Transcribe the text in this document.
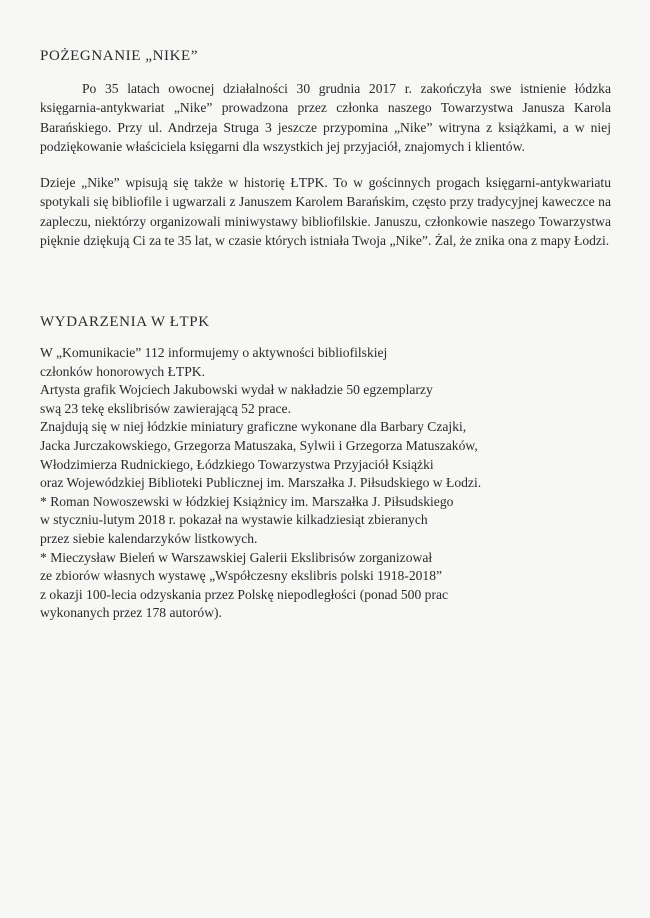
POŻEGNANIE „NIKE”

Po 35 latach owocnej działalności 30 grudnia 2017 r. zakończyła swe istnienie łódzka księgarnia-antykwariat „Nike” prowadzona przez członka naszego Towarzystwa Janusza Karola Barańskiego. Przy ul. Andrzeja Struga 3 jeszcze przypomina „Nike” witryna z książkami, a w niej podziękowanie właściciela księgarni dla wszystkich jej przyjaciół, znajomych i klientów.

Dzieje „Nike” wpisują się także w historię ŁTPK. To w gościnnych progach księgarni-antykwariatu spotykali się bibliofile i ugwarzali z Januszem Karolem Barańskim, często przy tradycyjnej kaweczce na zapleczu, niektórzy organizowali miniwystawy bibliofilskie. Januszu, członkowie naszego Towarzystwa pięknie dziękują Ci za te 35 lat, w czasie których istniała Twoja „Nike”. Żal, że znika ona z mapy Łodzi.

WYDARZENIA W ŁTPK
W „Komunikacie” 112 informujemy o aktywności bibliofilskiej
członków honorowych ŁTPK.
Artysta grafik Wojciech Jakubowski wydał w nakładzie 50 egzemplarzy
swą 23 tekę ekslibrisów zawierającą 52 prace.
Znajdują się w niej łódzkie miniatury graficzne wykonane dla Barbary Czajki,
Jacka Jurczakowskiego, Grzegorza Matuszaka, Sylwii i Grzegorza Matuszaków,
Włodzimierza Rudnickiego, Łódzkiego Towarzystwa Przyjaciół Książki
oraz Wojewódzkiej Biblioteki Publicznej im. Marszałka J. Piłsudskiego w Łodzi.
* Roman Nowoszewski w łódzkiej Książnicy im. Marszałka J. Piłsudskiego
w styczniu-lutym 2018 r. pokazał na wystawie kilkadziesiąt zbieranych
przez siebie kalendarzyków listkowych.
* Mieczysław Bieleń w Warszawskiej Galerii Ekslibrisów zorganizował
ze zbiorów własnych wystawę „Współczesny ekslibris polski 1918-2018”
z okazji 100-lecia odzyskania przez Polskę niepodległości (ponad 500 prac
wykonanych przez 178 autorów).
